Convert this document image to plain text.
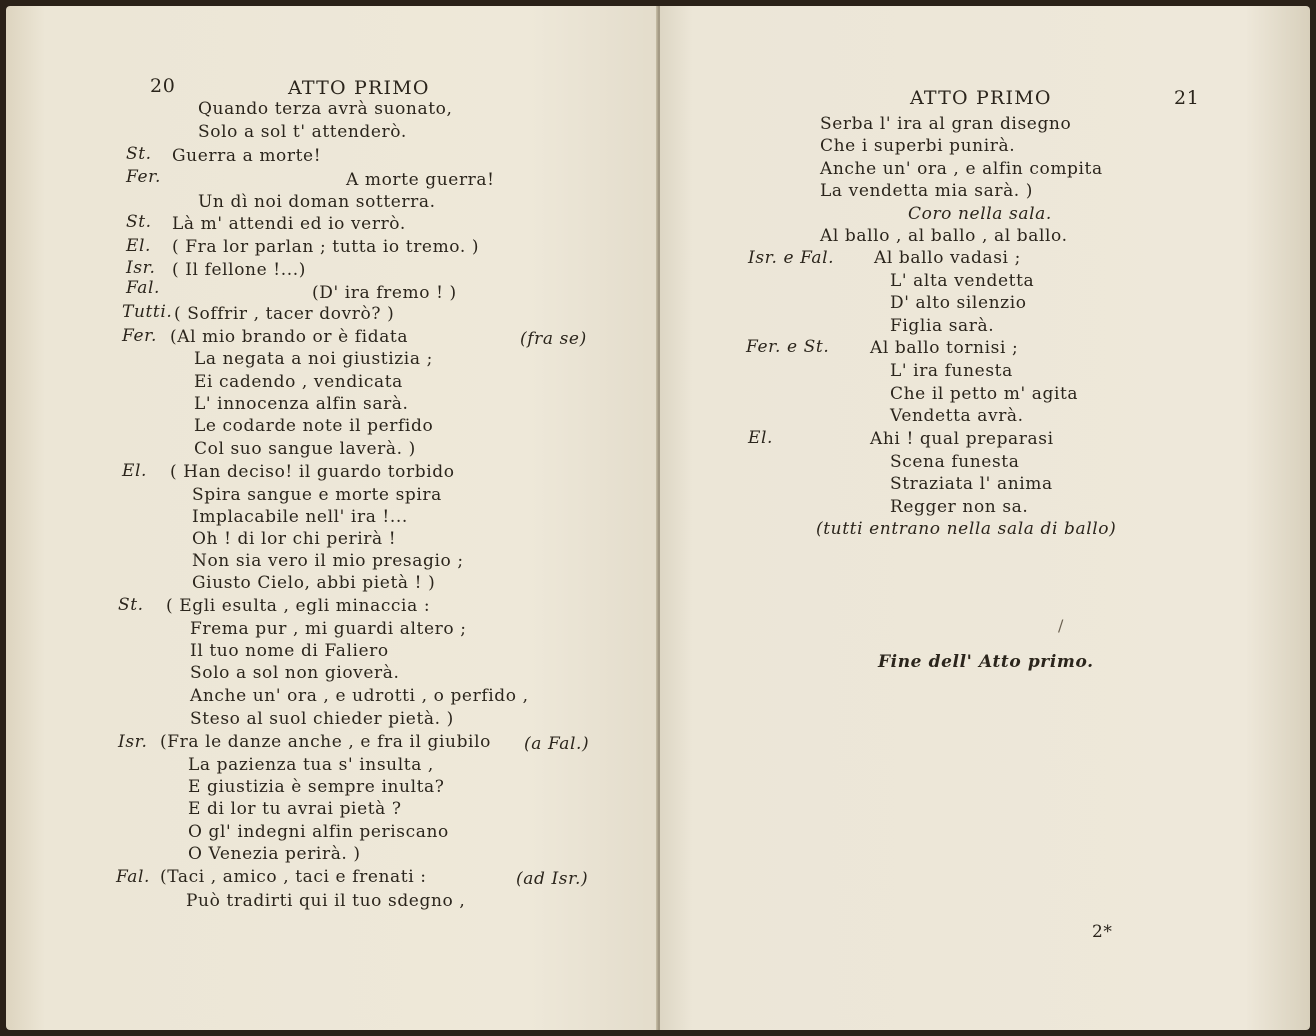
20	ATTO PRIMO
Quando terza avrà suonato,
Solo a sol t' attenderò.
St. Guerra a morte!
Fer.	A morte guerra!
Un dì noi doman sotterra.
St. Là m' attendi ed io verrò.
El. ( Fra lor parlan ; tutta io tremo. )
Isr. ( Il fellone !...)
Fal.	(D' ira fremo ! )
Tutti. ( Soffrir , tacer dovrò? )
Fer. (Al mio brando or è fidata	(fra se)
La negata a noi giustizia ;
Ei cadendo , vendicata
L' innocenza alfin sarà.
Le codarde note il perfido
Col suo sangue laverà. )
El. ( Han deciso! il guardo torbido
Spira sangue e morte spira
Implacabile nell' ira !...
Oh ! di lor chi perirà !
Non sia vero il mio presagio ;
Giusto Cielo, abbi pietà ! )
St. ( Egli esulta , egli minaccia :
Frema pur , mi guardi altero ;
Il tuo nome di Faliero
Solo a sol non gioverà.
Anche un' ora , e udrotti , o perfido ,
Steso al suol chieder pietà. )
Isr. (Fra le danze anche , e fra il giubilo (a Fal.)
La pazienza tua s' insulta ,
E giustizia è sempre inulta?
E di lor tu avrai pietà ?
O gl' indegni alfin periscano
O Venezia perirà. )
Fal. (Taci , amico , taci e frenati :	(ad Isr.)
Può tradirti qui il tuo sdegno ,
ATTO PRIMO	21
Serba l' ira al gran disegno
Che i superbi punirà.
Anche un' ora , e alfin compita
La vendetta mia sarà. )
Coro nella sala.
Al ballo , al ballo , al ballo.
Isr. e Fal. Al ballo vadasi ;
L' alta vendetta
D' alto silenzio
Figlia sarà.
Fer. e St. Al ballo tornisi ;
L' ira funesta
Che il petto m' agita
Vendetta avrà.
El.	Ahi ! qual preparasi
Scena funesta
Straziata l' anima
Regger non sa.
(tutti entrano nella sala di ballo)
/
Fine dell' Atto primo.
2*
